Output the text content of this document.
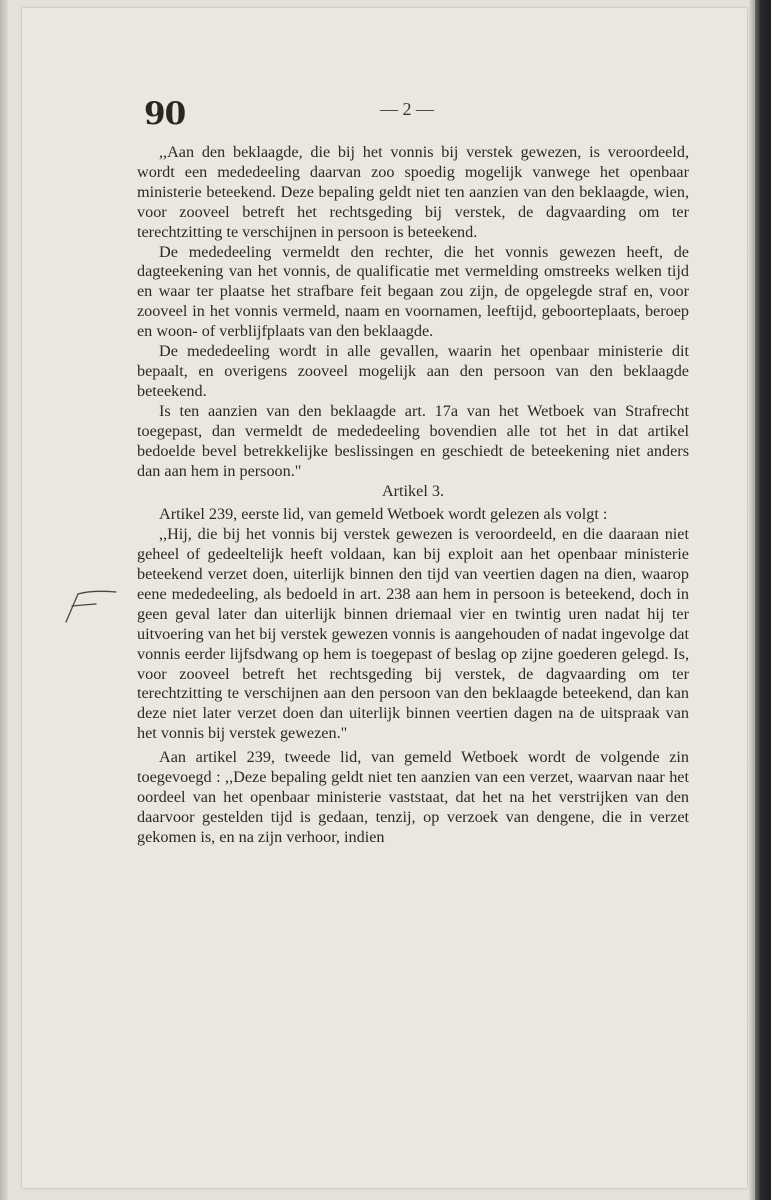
90	— 2 —

,,Aan den beklaagde, die bij het vonnis bij verstek gewezen, is veroordeeld, wordt een mededeeling daarvan zoo spoedig mogelijk vanwege het openbaar ministerie beteekend. Deze bepaling geldt niet ten aanzien van den beklaagde, wien, voor zooveel betreft het rechtsgeding bij verstek, de dagvaarding om ter terechtzitting te verschijnen in persoon is beteekend.

De mededeeling vermeldt den rechter, die het vonnis gewezen heeft, de dagteekening van het vonnis, de qualificatie met vermelding omstreeks welken tijd en waar ter plaatse het strafbare feit begaan zou zijn, de opgelegde straf en, voor zooveel in het vonnis vermeld, naam en voornamen, leeftijd, geboorteplaats, beroep en woon- of verblijfplaats van den beklaagde.

De mededeeling wordt in alle gevallen, waarin het openbaar ministerie dit bepaalt, en overigens zooveel mogelijk aan den persoon van den beklaagde beteekend.

Is ten aanzien van den beklaagde art. 17a van het Wetboek van Strafrecht toegepast, dan vermeldt de mededeeling bovendien alle tot het in dat artikel bedoelde bevel betrekkelijke beslissingen en geschiedt de beteekening niet anders dan aan hem in persoon."

Artikel 3.

Artikel 239, eerste lid, van gemeld Wetboek wordt gelezen als volgt :

,,Hij, die bij het vonnis bij verstek gewezen is veroordeeld, en die daaraan niet geheel of gedeeltelijk heeft voldaan, kan bij exploit aan het openbaar ministerie beteekend verzet doen, uiterlijk binnen den tijd van veertien dagen na dien, waarop eene mededeeling, als bedoeld in art. 238 aan hem in persoon is beteekend, doch in geen geval later dan uiterlijk binnen driemaal vier en twintig uren nadat hij ter uitvoering van het bij verstek gewezen vonnis is aangehouden of nadat ingevolge dat vonnis eerder lijfsdwang op hem is toegepast of beslag op zijne goederen gelegd. Is, voor zooveel betreft het rechtsgeding bij verstek, de dagvaarding om ter terechtzitting te verschijnen aan den persoon van den beklaagde beteekend, dan kan deze niet later verzet doen dan uiterlijk binnen veertien dagen na de uitspraak van het vonnis bij verstek gewezen."

Aan artikel 239, tweede lid, van gemeld Wetboek wordt de volgende zin toegevoegd : ,,Deze bepaling geldt niet ten aanzien van een verzet, waarvan naar het oordeel van het openbaar ministerie vaststaat, dat het na het verstrijken van den daarvoor gestelden tijd is gedaan, tenzij, op verzoek van dengene, die in verzet gekomen is, en na zijn verhoor, indien
